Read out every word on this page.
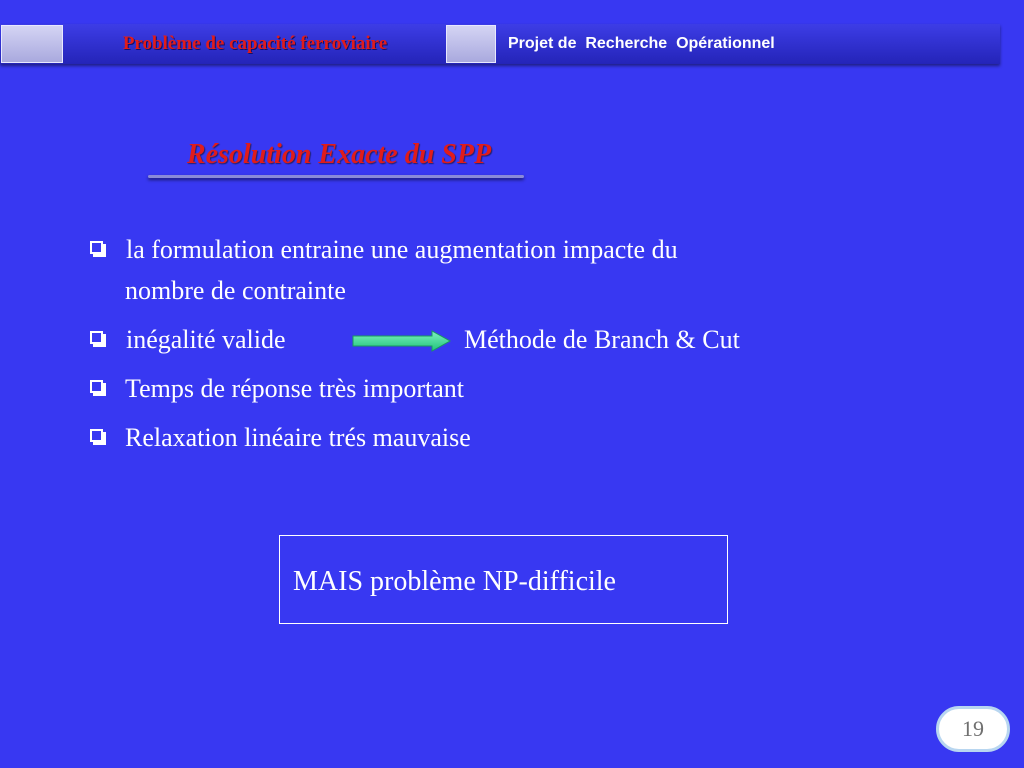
Problème de capacité ferroviaire	Projet de  Recherche  Opérationnel
Résolution Exacte du SPP
la formulation entraine une augmentation impacte du
nombre de contrainte
inégalité valide	Méthode de Branch & Cut
Temps de réponse très important
Relaxation linéaire trés mauvaise
MAIS problème NP-difficile
19
